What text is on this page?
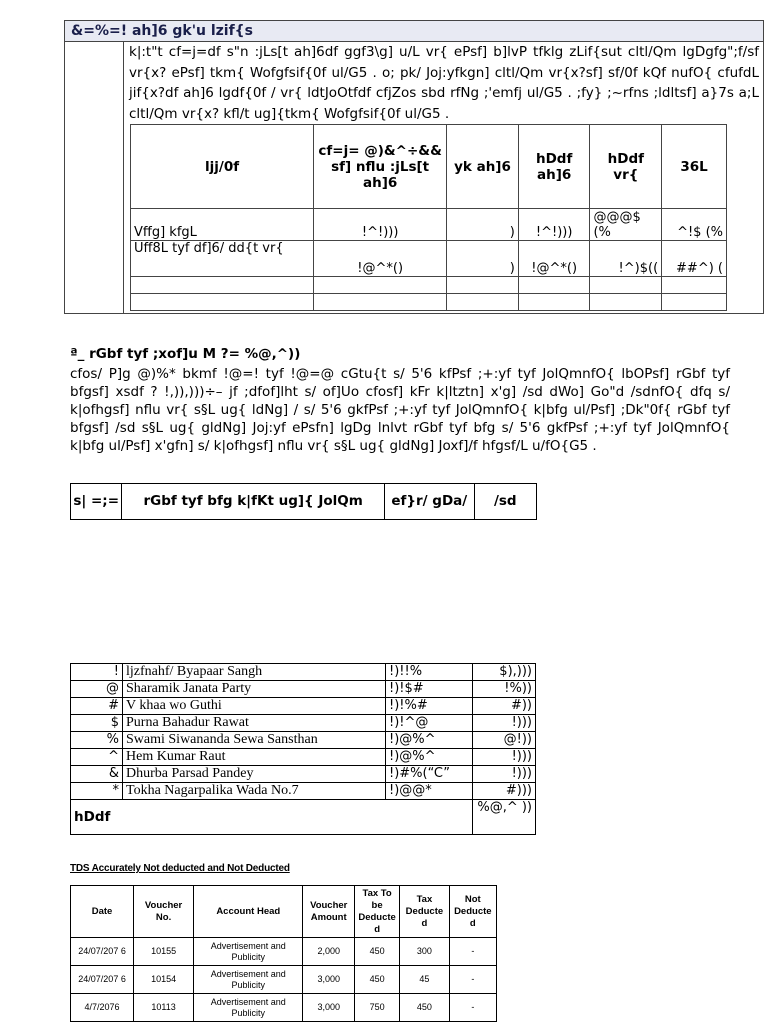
&=%=! ah]6 gk'u lzif{s
k|:t"t cf=j=df s"n :jLs[t ah]6df ggf3\g] u/L vr{ ePsf] b]lvP tfklg zLif{sut cltl/Qm lgDgfg";f/sf vr{x? ePsf] tkm{ Wofgfsif{0f ul/G5 . o; pk/ Joj:yfkgn] cltl/Qm vr{x?sf] sf/0f kQf nufO{ cfufdL jif{x?df ah]6 lgdf{0f / vr{ ldtJoOtfdf cfjZos sbd rfNg ;'emfj ul/G5 . ;fy} ;~rfns ;ldltsf] a}7s a;L cltl/Qm vr{x? kfl/t ug]{tkm{ Wofgfsif{0f ul/G5 .
ljj/0f	cf=j= @)&^÷&& sf] nflu :jLs[t ah]6	yk ah]6	hDdf ah]6	hDdf vr{	36L
Vffg] kfgL	!^!)))	)	!^!)))	@@@$ (%	^!$ (%
Uff8L tyf df]6/ dd{t vr{	!@^*()	)	!@^*()	!^)$((	##^) (

ª_ rGbf tyf ;xof]u M ?= %@,^))
cfos/ P]g @)%* bkmf !@=! tyf !@=@ cGtu{t s/ 5'6 kfPsf ;+:yf tyf JolQmnfO{ lbOPsf] rGbf tyf bfgsf] xsdf ? !,)),)))÷– jf ;dfof]lht s/ of]Uo cfosf] kFr k|ltztn] x'g] /sd dWo] Go"d /sdnfO{ dfq s/ k|ofhgsf] nflu vr{ s§L ug{ ldNg] / s/ 5'6 gkfPsf ;+:yf tyf JolQmnfO{ k|bfg ul/Psf] ;Dk"0f{ rGbf tyf bfgsf] /sd s§L ug{ gldNg] Joj:yf ePsfn] lgDg lnlvt rGbf tyf bfg s/ 5'6 gkfPsf ;+:yf tyf JolQmnfO{ k|bfg ul/Psf] x'gfn] s/ k|ofhgsf] nflu vr{ s§L ug{ gldNg] Joxf]/f hfgsf/L u/fO{G5 .
s| =;=	rGbf tyf bfg k|fKt ug]{ JolQm	ef}r/ gDa/	/sd
!	ljzfnahf/ Byapaar Sangh	!)!!%	$),)))
@	Sharamik Janata Party	!)!$#	!%))
#	V khaa wo Guthi	!)!%#	#))
$	Purna Bahadur Rawat	!)!^@	!)))
%	Swami Siwananda Sewa Sansthan	!)@%^	@!))
^	Hem Kumar Raut	!)@%^	!)))
&	Dhurba Parsad Pandey	!)#%(“C”	!)))
*	Tokha Nagarpalika Wada No.7	!)@@*	#)))
hDdf			%@,^ ))
TDS Accurately Not deducted and Not Deducted
Date	Voucher No.	Account Head	Voucher Amount	Tax To be Deducte d	Tax Deducte d	Not Deducte d
24/07/207 6	10155	Advertisement and Publicity	2,000	450	300	-
24/07/207 6	10154	Advertisement and Publicity	3,000	450	45	-
4/7/2076	10113	Advertisement and Publicity	3,000	750	450	-
